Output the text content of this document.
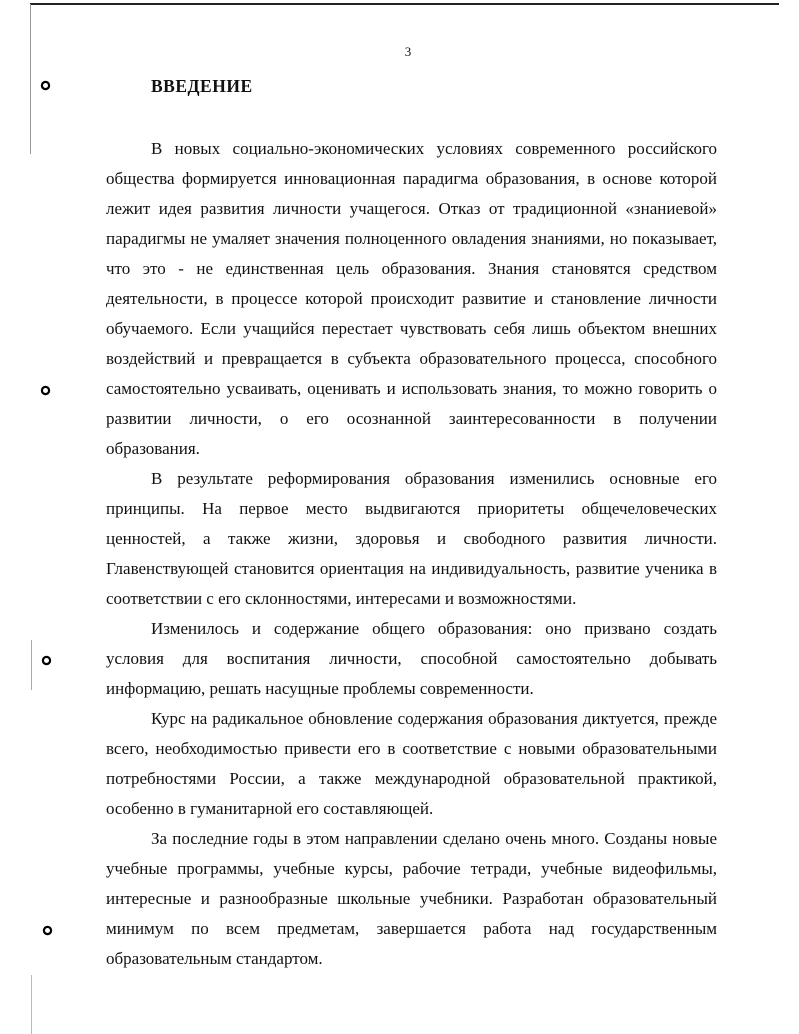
3
ВВЕДЕНИЕ

В новых социально-экономических условиях современного российского общества формируется инновационная парадигма образования, в основе которой лежит идея развития личности учащегося. Отказ от традиционной «знаниевой» парадигмы не умаляет значения полноценного овладения знаниями, но показывает, что это - не единственная цель образования. Знания становятся средством деятельности, в процессе которой происходит развитие и становление личности обучаемого. Если учащийся перестает чувствовать себя лишь объектом внешних воздействий и превращается в субъекта образовательного процесса, способного самостоятельно усваивать, оценивать и использовать знания, то можно говорить о развитии личности, о его осознанной заинтересованности в получении образования.

В результате реформирования образования изменились основные его принципы. На первое место выдвигаются приоритеты общечеловеческих ценностей, а также жизни, здоровья и свободного развития личности. Главенствующей становится ориентация на индивидуальность, развитие ученика в соответствии с его склонностями, интересами и возможностями.

Изменилось и содержание общего образования: оно призвано создать условия для воспитания личности, способной самостоятельно добывать информацию, решать насущные проблемы современности.

Курс на радикальное обновление содержания образования диктуется, прежде всего, необходимостью привести его в соответствие с новыми образовательными потребностями России, а также международной образовательной практикой, особенно в гуманитарной его составляющей.

За последние годы в этом направлении сделано очень много. Созданы новые учебные программы, учебные курсы, рабочие тетради, учебные видеофильмы, интересные и разнообразные школьные учебники. Разработан образовательный минимум по всем предметам, завершается работа над государственным образовательным стандартом.
